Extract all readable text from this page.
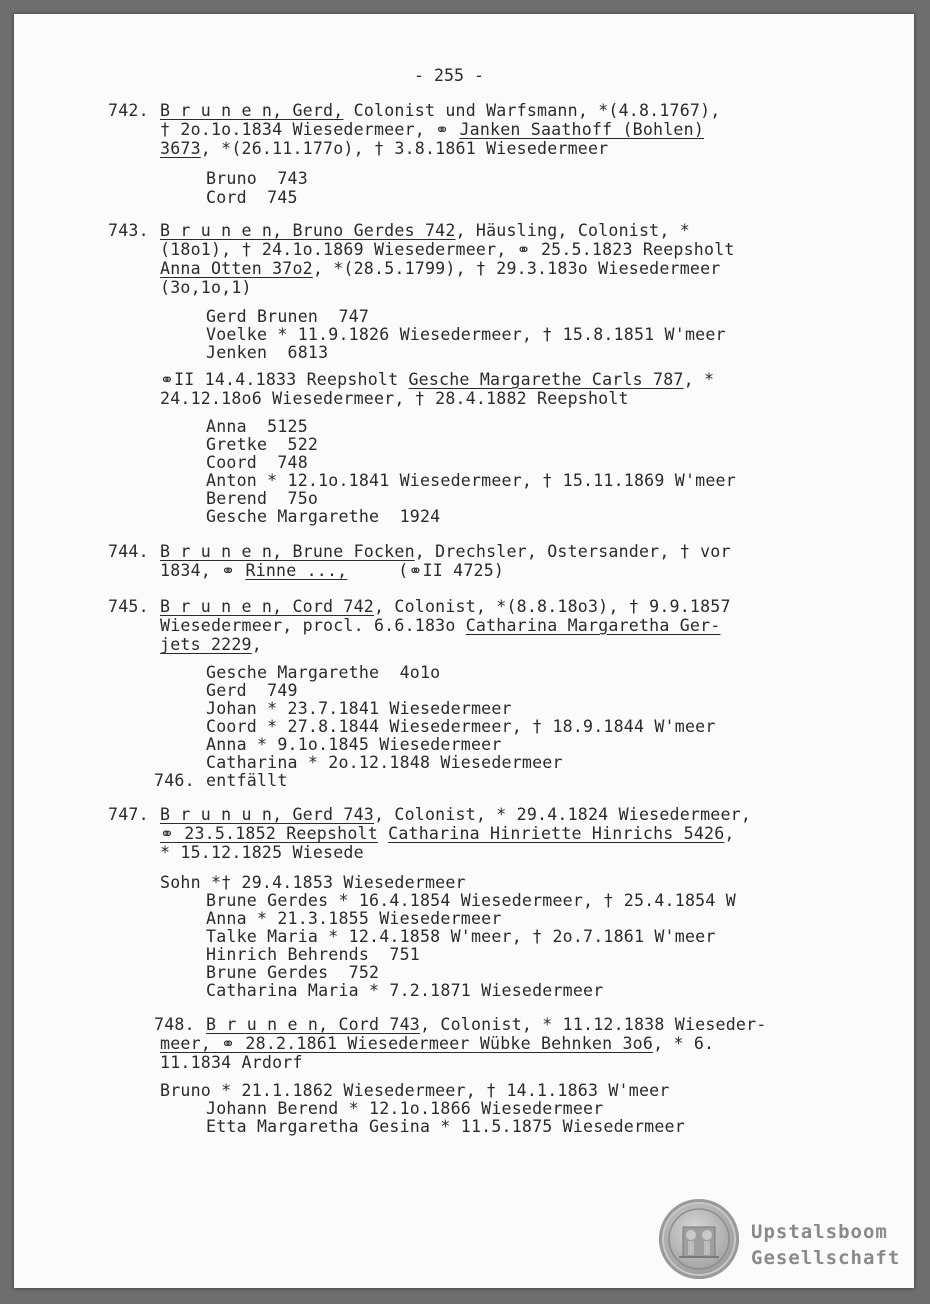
- 255 -
742. B r u n e n, Gerd, Colonist und Warfsmann, *(4.8.1767),
† 2o.1o.1834 Wiesedermeer, ⚭ Janken Saathoff (Bohlen)
3673, *(26.11.177o), † 3.8.1861 Wiesedermeer
Bruno  743
Cord  745
743. B r u n e n, Bruno Gerdes 742, Häusling, Colonist, *
(18o1), † 24.1o.1869 Wiesedermeer, ⚭ 25.5.1823 Reepsholt
Anna Otten 37o2, *(28.5.1799), † 29.3.183o Wiesedermeer
(3o,1o,1)
Gerd Brunen  747
Voelke * 11.9.1826 Wiesedermeer, † 15.8.1851 W'meer
Jenken  6813
⚭II 14.4.1833 Reepsholt Gesche Margarethe Carls 787, *
24.12.18o6 Wiesedermeer, † 28.4.1882 Reepsholt
Anna  5125
Gretke  522
Coord  748
Anton * 12.1o.1841 Wiesedermeer, † 15.11.1869 W'meer
Berend  75o
Gesche Margarethe  1924
744. B r u n e n, Brune Focken, Drechsler, Ostersander, † vor
1834, ⚭ Rinne ...,     (⚭II 4725)
745. B r u n e n, Cord 742, Colonist, *(8.8.18o3), † 9.9.1857
Wiesedermeer, procl. 6.6.183o Catharina Margaretha Ger-
jets 2229,
Gesche Margarethe  4o1o
Gerd  749
Johan * 23.7.1841 Wiesedermeer
Coord * 27.8.1844 Wiesedermeer, † 18.9.1844 W'meer
Anna * 9.1o.1845 Wiesedermeer
Catharina * 2o.12.1848 Wiesedermeer
746. entfällt
747. B r u n u n, Gerd 743, Colonist, * 29.4.1824 Wiesedermeer,
⚭ 23.5.1852 Reepsholt Catharina Hinriette Hinrichs 5426,
* 15.12.1825 Wiesede
Sohn *† 29.4.1853 Wiesedermeer
Brune Gerdes * 16.4.1854 Wiesedermeer, † 25.4.1854 W
Anna * 21.3.1855 Wiesedermeer
Talke Maria * 12.4.1858 W'meer, † 2o.7.1861 W'meer
Hinrich Behrends  751
Brune Gerdes  752
Catharina Maria * 7.2.1871 Wiesedermeer
748. B r u n e n, Cord 743, Colonist, * 11.12.1838 Wieseder-
meer, ⚭ 28.2.1861 Wiesedermeer Wübke Behnken 3o6, * 6.
11.1834 Ardorf
Bruno * 21.1.1862 Wiesedermeer, † 14.1.1863 W'meer
Johann Berend * 12.1o.1866 Wiesedermeer
Etta Margaretha Gesina * 11.5.1875 Wiesedermeer
Upstalsboom
Gesellschaft
